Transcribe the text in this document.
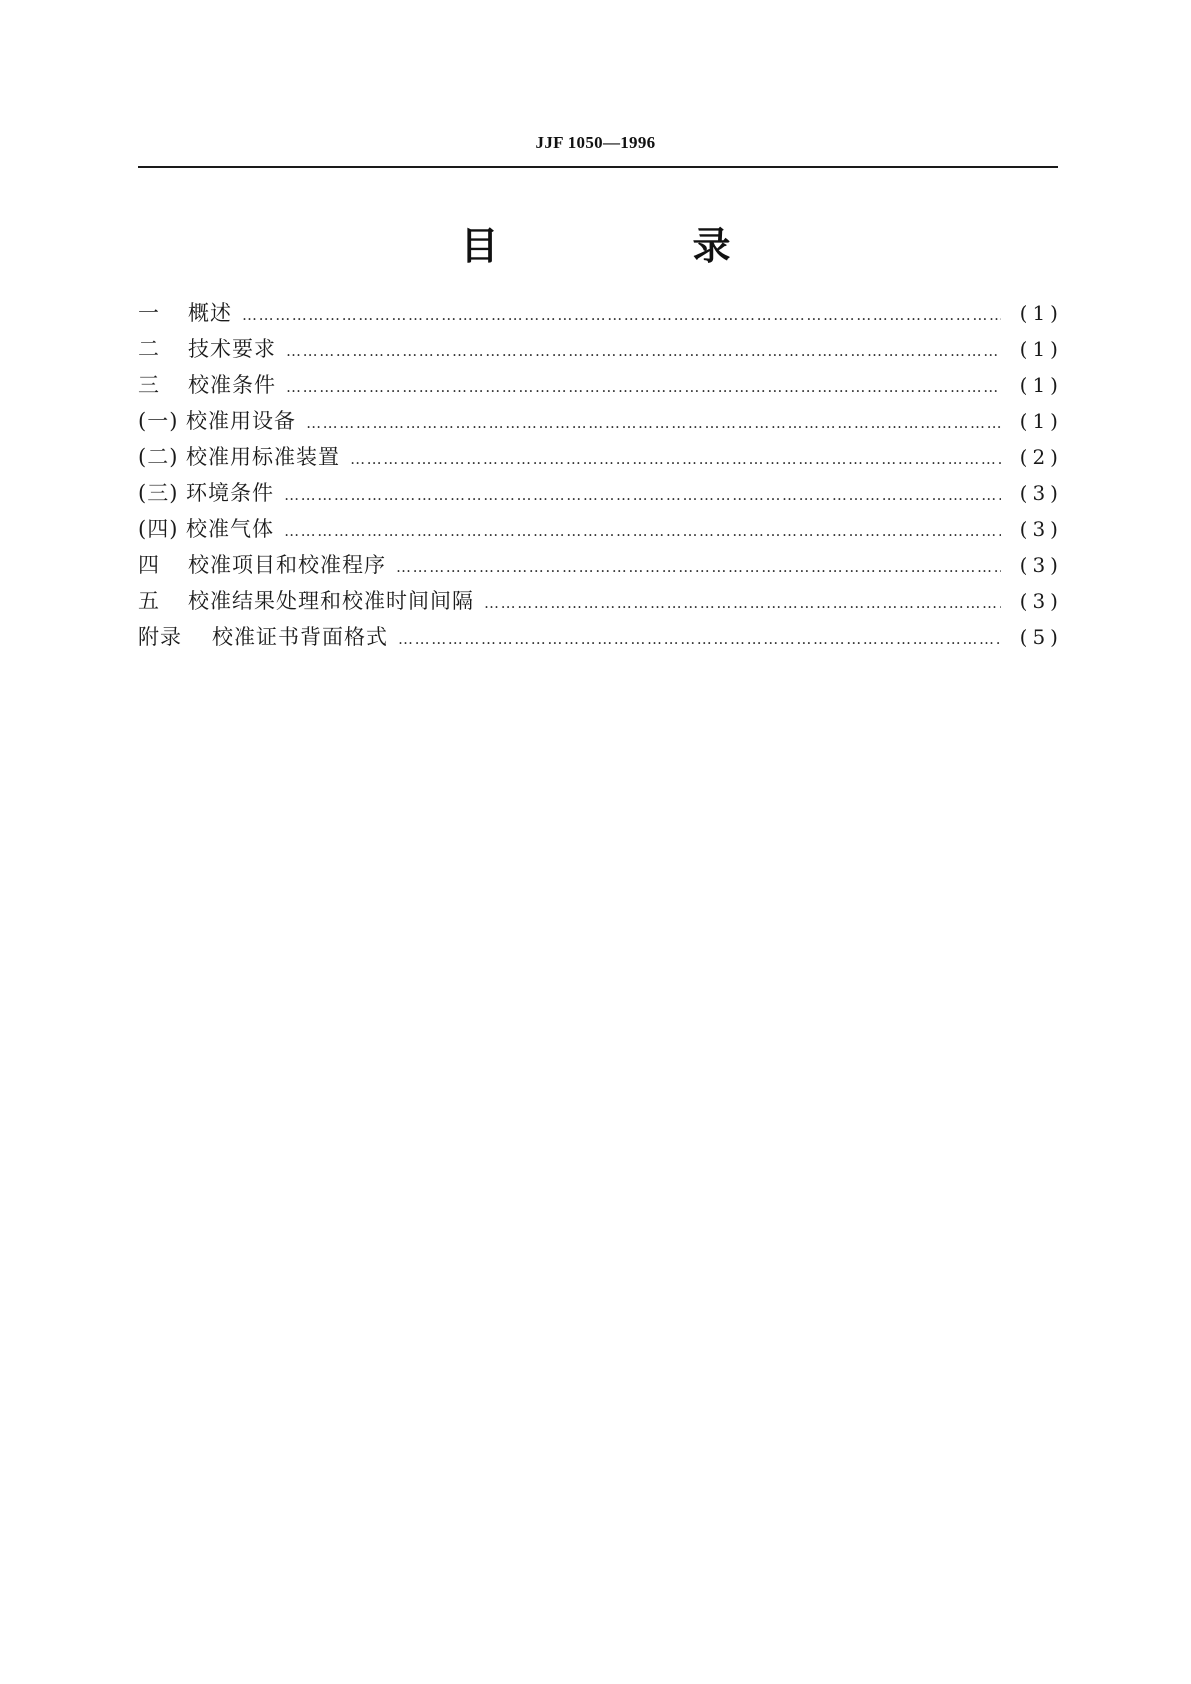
JJF 1050—1996
目　录
一	概述 …………………………………………………………………………………………………………………………………………………………………………………………………………	(1)
二	技术要求 …………………………………………………………………………………………………………………………………………………………………………………………………………	(1)
三	校准条件 …………………………………………………………………………………………………………………………………………………………………………………………………………	(1)
(一) 校准用设备 …………………………………………………………………………………………………………………………………………………………………………………………………………	(1)
(二) 校准用标准装置 …………………………………………………………………………………………………………………………………………………………………………………………………………	(2)
(三) 环境条件 …………………………………………………………………………………………………………………………………………………………………………………………………………	(3)
(四) 校准气体 …………………………………………………………………………………………………………………………………………………………………………………………………………	(3)
四	校准项目和校准程序 …………………………………………………………………………………………………………………………………………………………………………………………………………	(3)
五	校准结果处理和校准时间间隔 …………………………………………………………………………………………………………………………………………………………………………………………………………	(3)
附录	校准证书背面格式 …………………………………………………………………………………………………………………………………………………………………………………………………………	(5)
